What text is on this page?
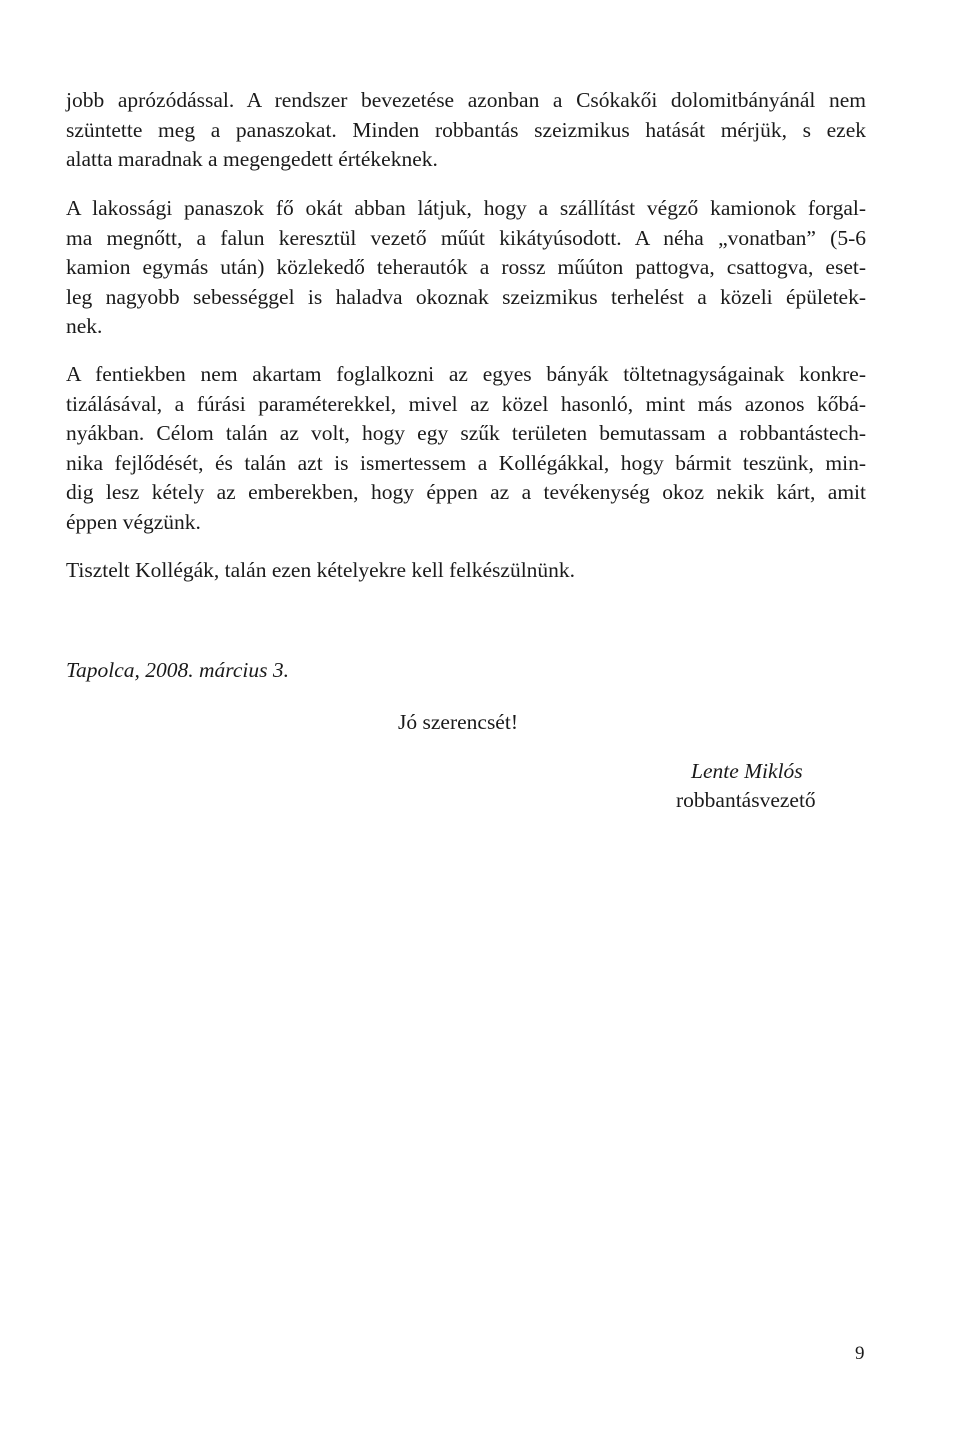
jobb aprózódással. A rendszer bevezetése azonban a Csókakői dolomitbányánál nem
szüntette meg a panaszokat. Minden robbantás szeizmikus hatását mérjük, s ezek
alatta maradnak a megengedett értékeknek.
A lakossági panaszok fő okát abban látjuk, hogy a szállítást végző kamionok forgal-
ma megnőtt, a falun keresztül vezető műút kikátyúsodott. A néha „vonatban” (5-6
kamion egymás után) közlekedő teherautók a rossz műúton pattogva, csattogva, eset-
leg nagyobb sebességgel is haladva okoznak szeizmikus terhelést a közeli épületek-
nek.
A fentiekben nem akartam foglalkozni az egyes bányák töltetnagyságainak konkre-
tizálásával, a fúrási paraméterekkel, mivel az közel hasonló, mint más azonos kőbá-
nyákban. Célom talán az volt, hogy egy szűk területen bemutassam a robbantástech-
nika fejlődését, és talán azt is ismertessem a Kollégákkal, hogy bármit teszünk, min-
dig lesz kétely az emberekben, hogy éppen az a tevékenység okoz nekik kárt, amit
éppen végzünk.
Tisztelt Kollégák, talán ezen kételyekre kell felkészülnünk.

Tapolca, 2008. március 3.

Jó szerencsét!

Lente Miklós

robbantásvezető

9
